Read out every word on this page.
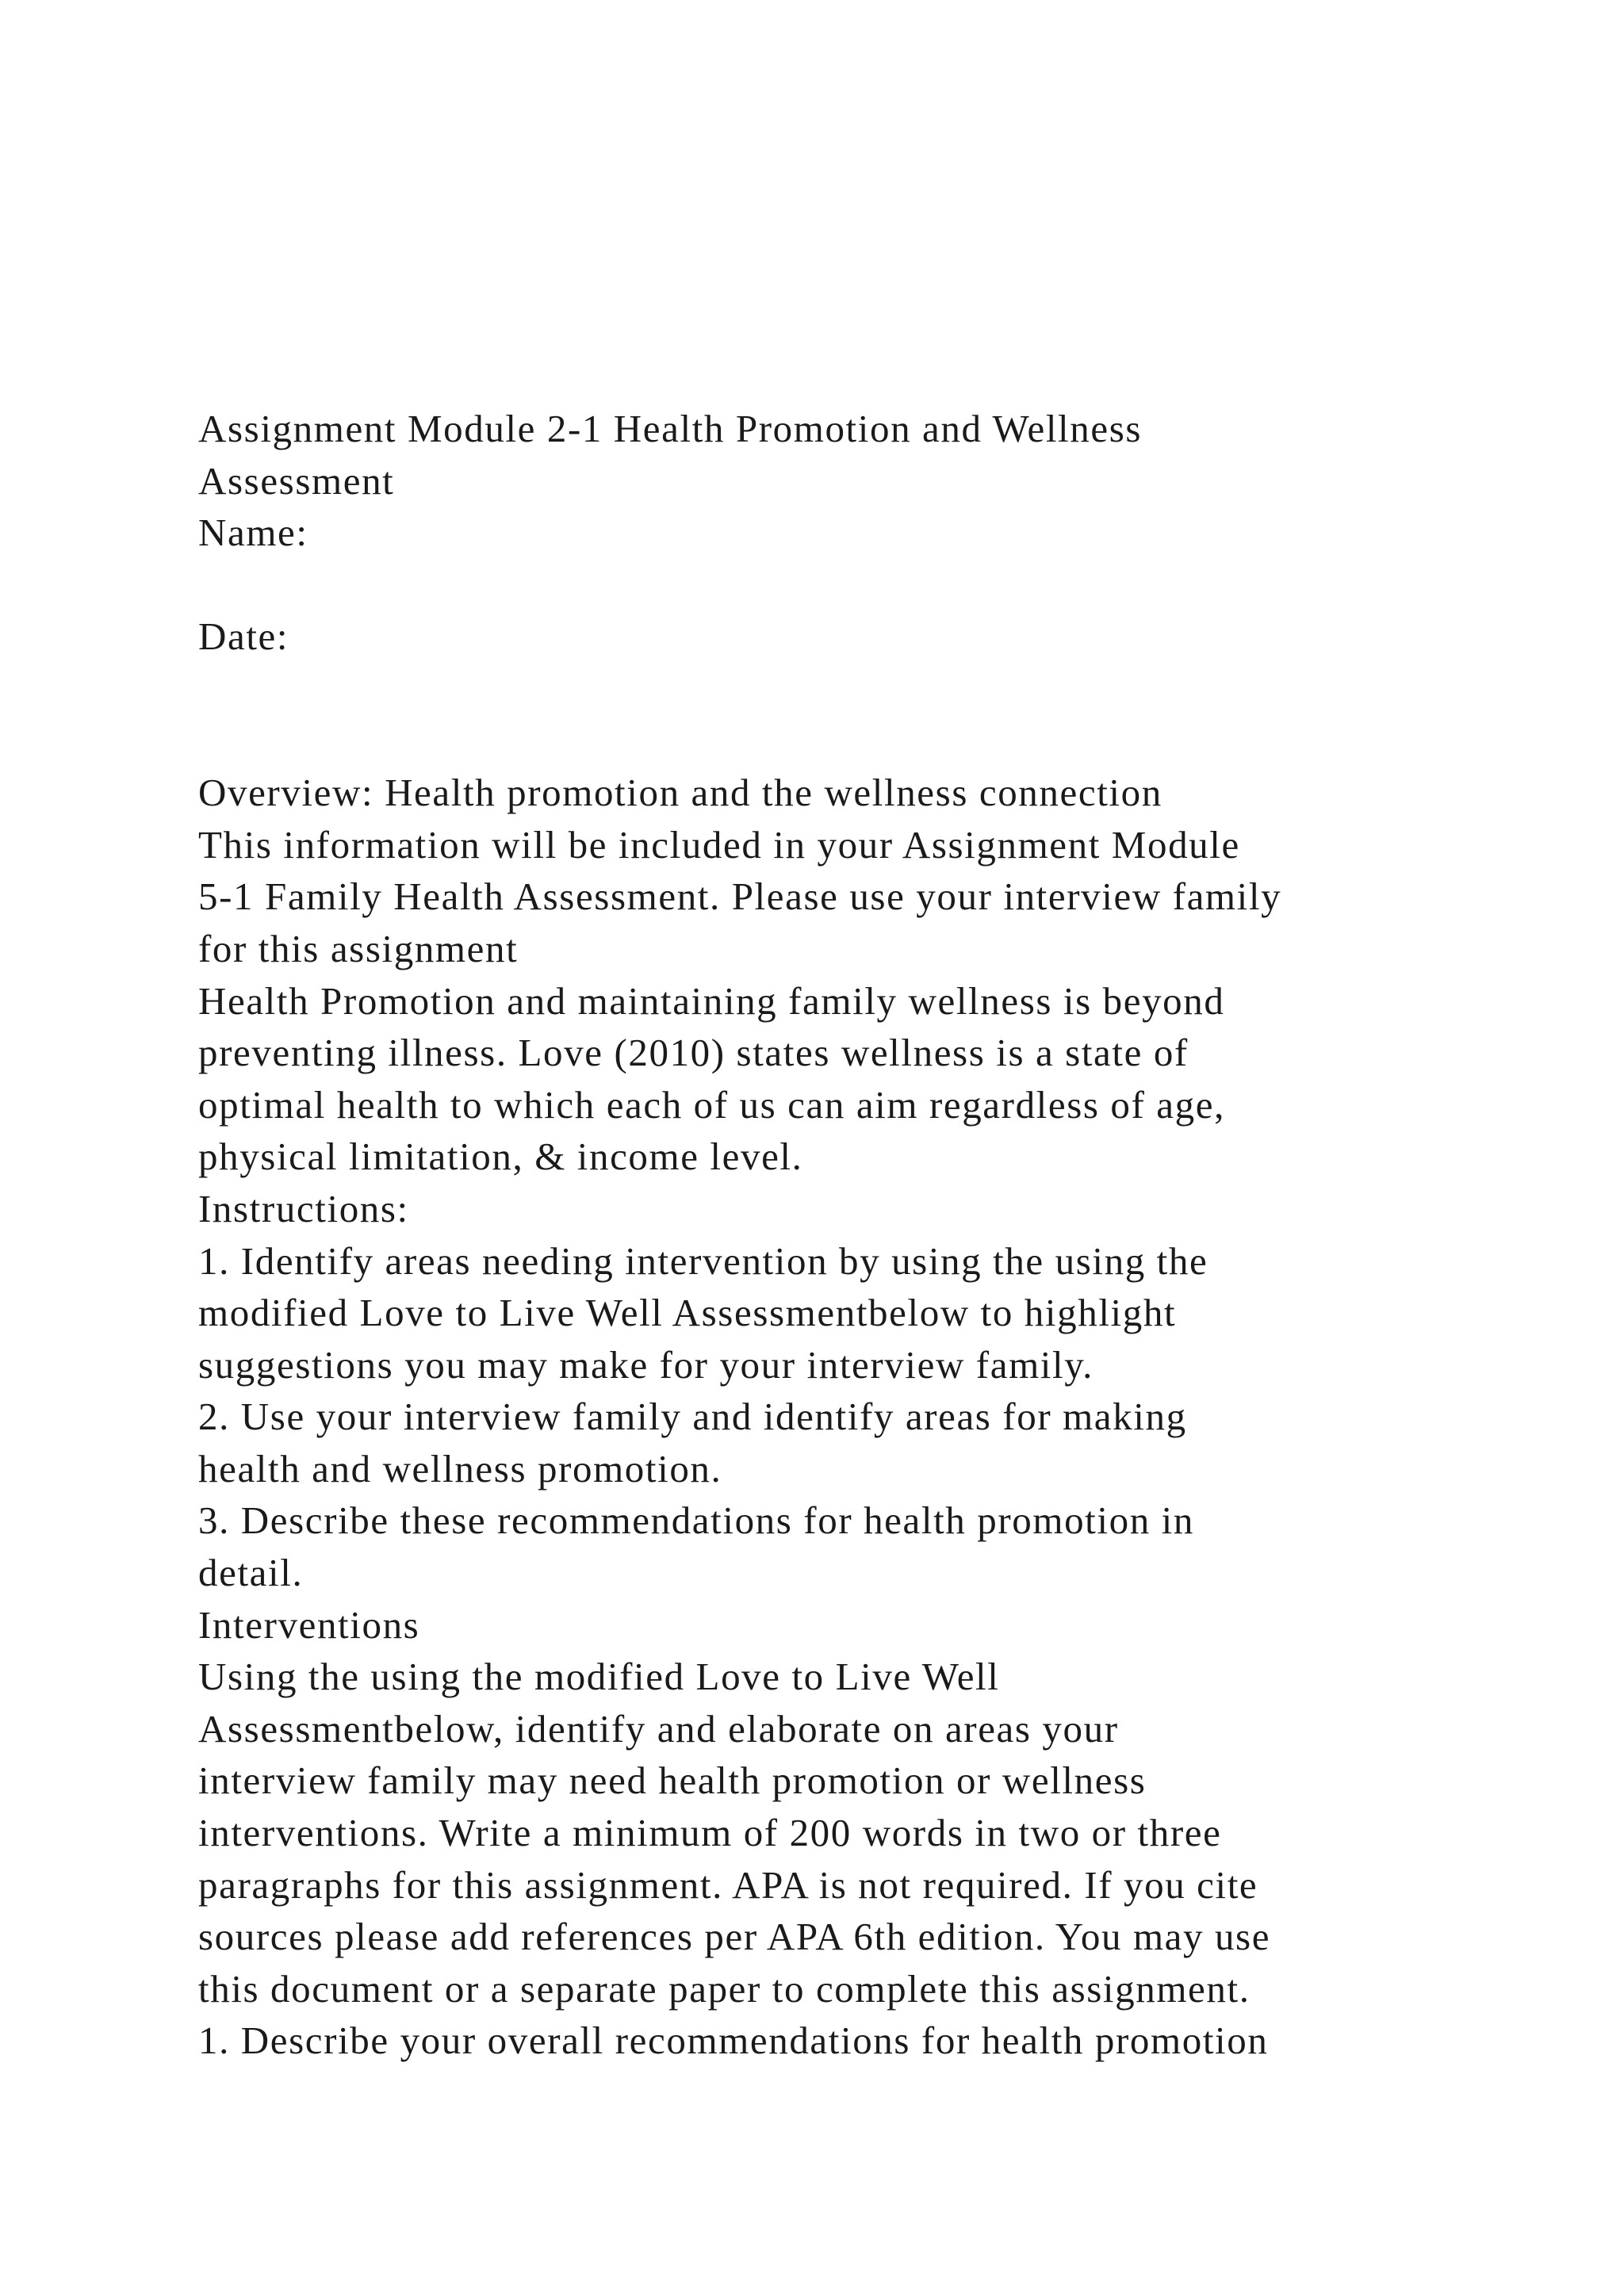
Assignment Module 2-1 Health Promotion and Wellness
Assessment
Name:
Date:
Overview: Health promotion and the wellness connection
This information will be included in your Assignment Module
5-1 Family Health Assessment. Please use your interview family
for this assignment
Health Promotion and maintaining family wellness is beyond
preventing illness. Love (2010) states wellness is a state of
optimal health to which each of us can aim regardless of age,
physical limitation, & income level.
Instructions:
1. Identify areas needing intervention by using the using the
modified Love to Live Well Assessmentbelow to highlight
suggestions you may make for your interview family.
2. Use your interview family and identify areas for making
health and wellness promotion.
3. Describe these recommendations for health promotion in
detail.
Interventions
Using the using the modified Love to Live Well
Assessmentbelow, identify and elaborate on areas your
interview family may need health promotion or wellness
interventions. Write a minimum of 200 words in two or three
paragraphs for this assignment. APA is not required. If you cite
sources please add references per APA 6th edition. You may use
this document or a separate paper to complete this assignment.
1. Describe your overall recommendations for health promotion
